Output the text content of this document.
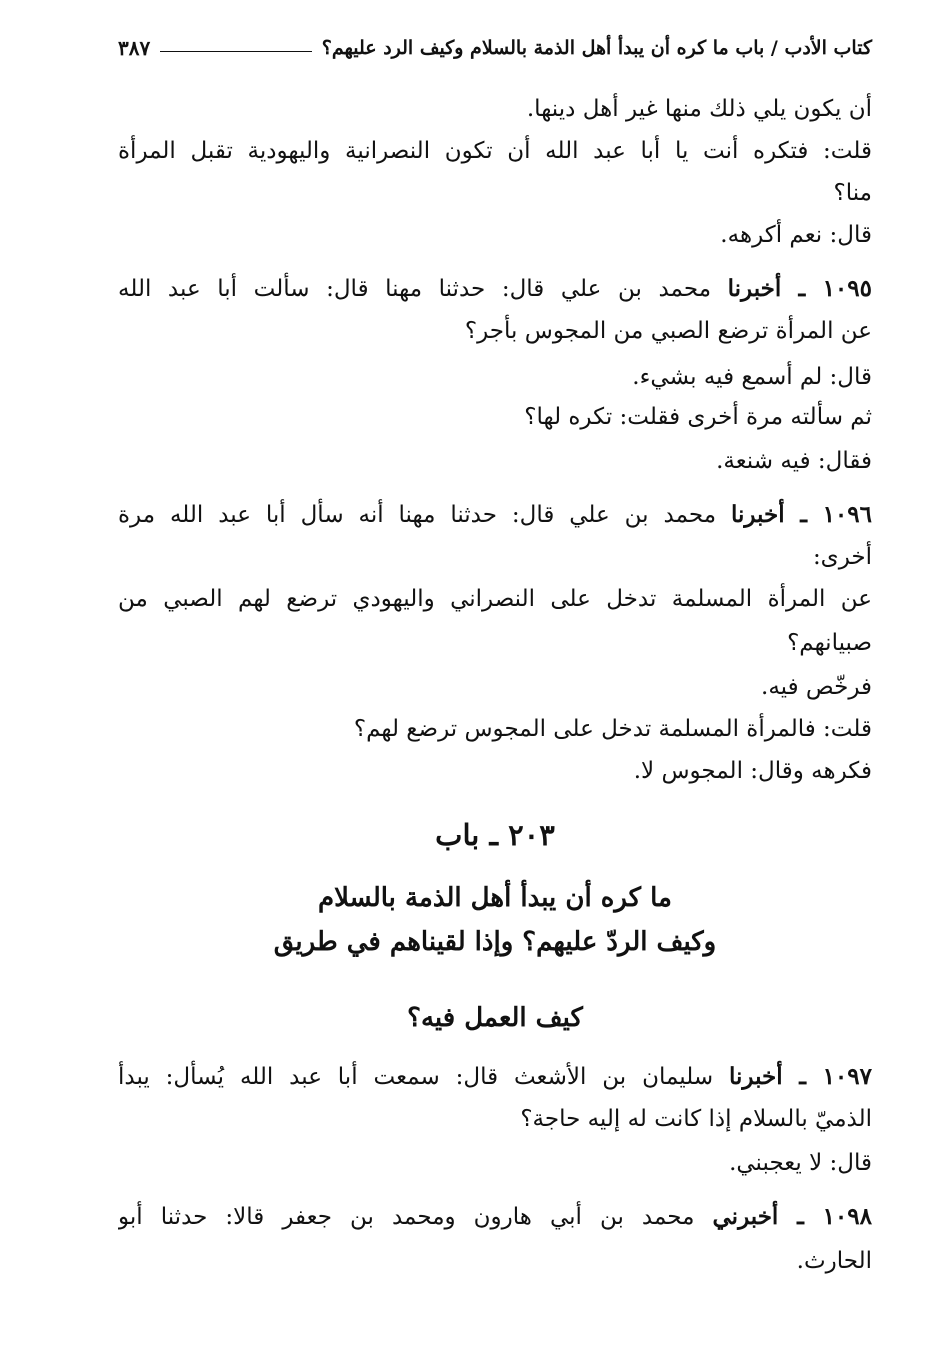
كتاب الأدب / باب ما كره أن يبدأ أهل الذمة بالسلام وكيف الرد عليهم؟
٣٨٧
أن يكون يلي ذلك منها غير أهل دينها.
قلت: فتكره أنت يا أبا عبد الله أن تكون النصرانية واليهودية تقبل المرأة
منا؟
قال: نعم أكرهه.
١٠٩٥ ـ أخبرنا محمد بن علي قال: حدثنا مهنا قال: سألت أبا عبد الله
عن المرأة ترضع الصبي من المجوس بأجر؟
قال: لم أسمع فيه بشيء.
ثم سألته مرة أخرى فقلت: تكره لها؟
فقال: فيه شنعة.
١٠٩٦ ـ أخبرنا محمد بن علي قال: حدثنا مهنا أنه سأل أبا عبد الله مرة
أخرى:
عن المرأة المسلمة تدخل على النصراني واليهودي ترضع لهم الصبي من
صبيانهم؟
فرخّص فيه.
قلت: فالمرأة المسلمة تدخل على المجوس ترضع لهم؟
فكرهه وقال: المجوس لا.
٢٠٣ ـ باب
ما كره أن يبدأ أهل الذمة بالسلام
وكيف الردّ عليهم؟ وإذا لقيناهم في طريق
كيف العمل فيه؟
١٠٩٧ ـ أخبرنا سليمان بن الأشعث قال: سمعت أبا عبد الله يُسأل: يبدأ
الذميّ بالسلام إذا كانت له إليه حاجة؟
قال: لا يعجبني.
١٠٩٨ ـ أخبرني محمد بن أبي هارون ومحمد بن جعفر قالا: حدثنا أبو
الحارث.
